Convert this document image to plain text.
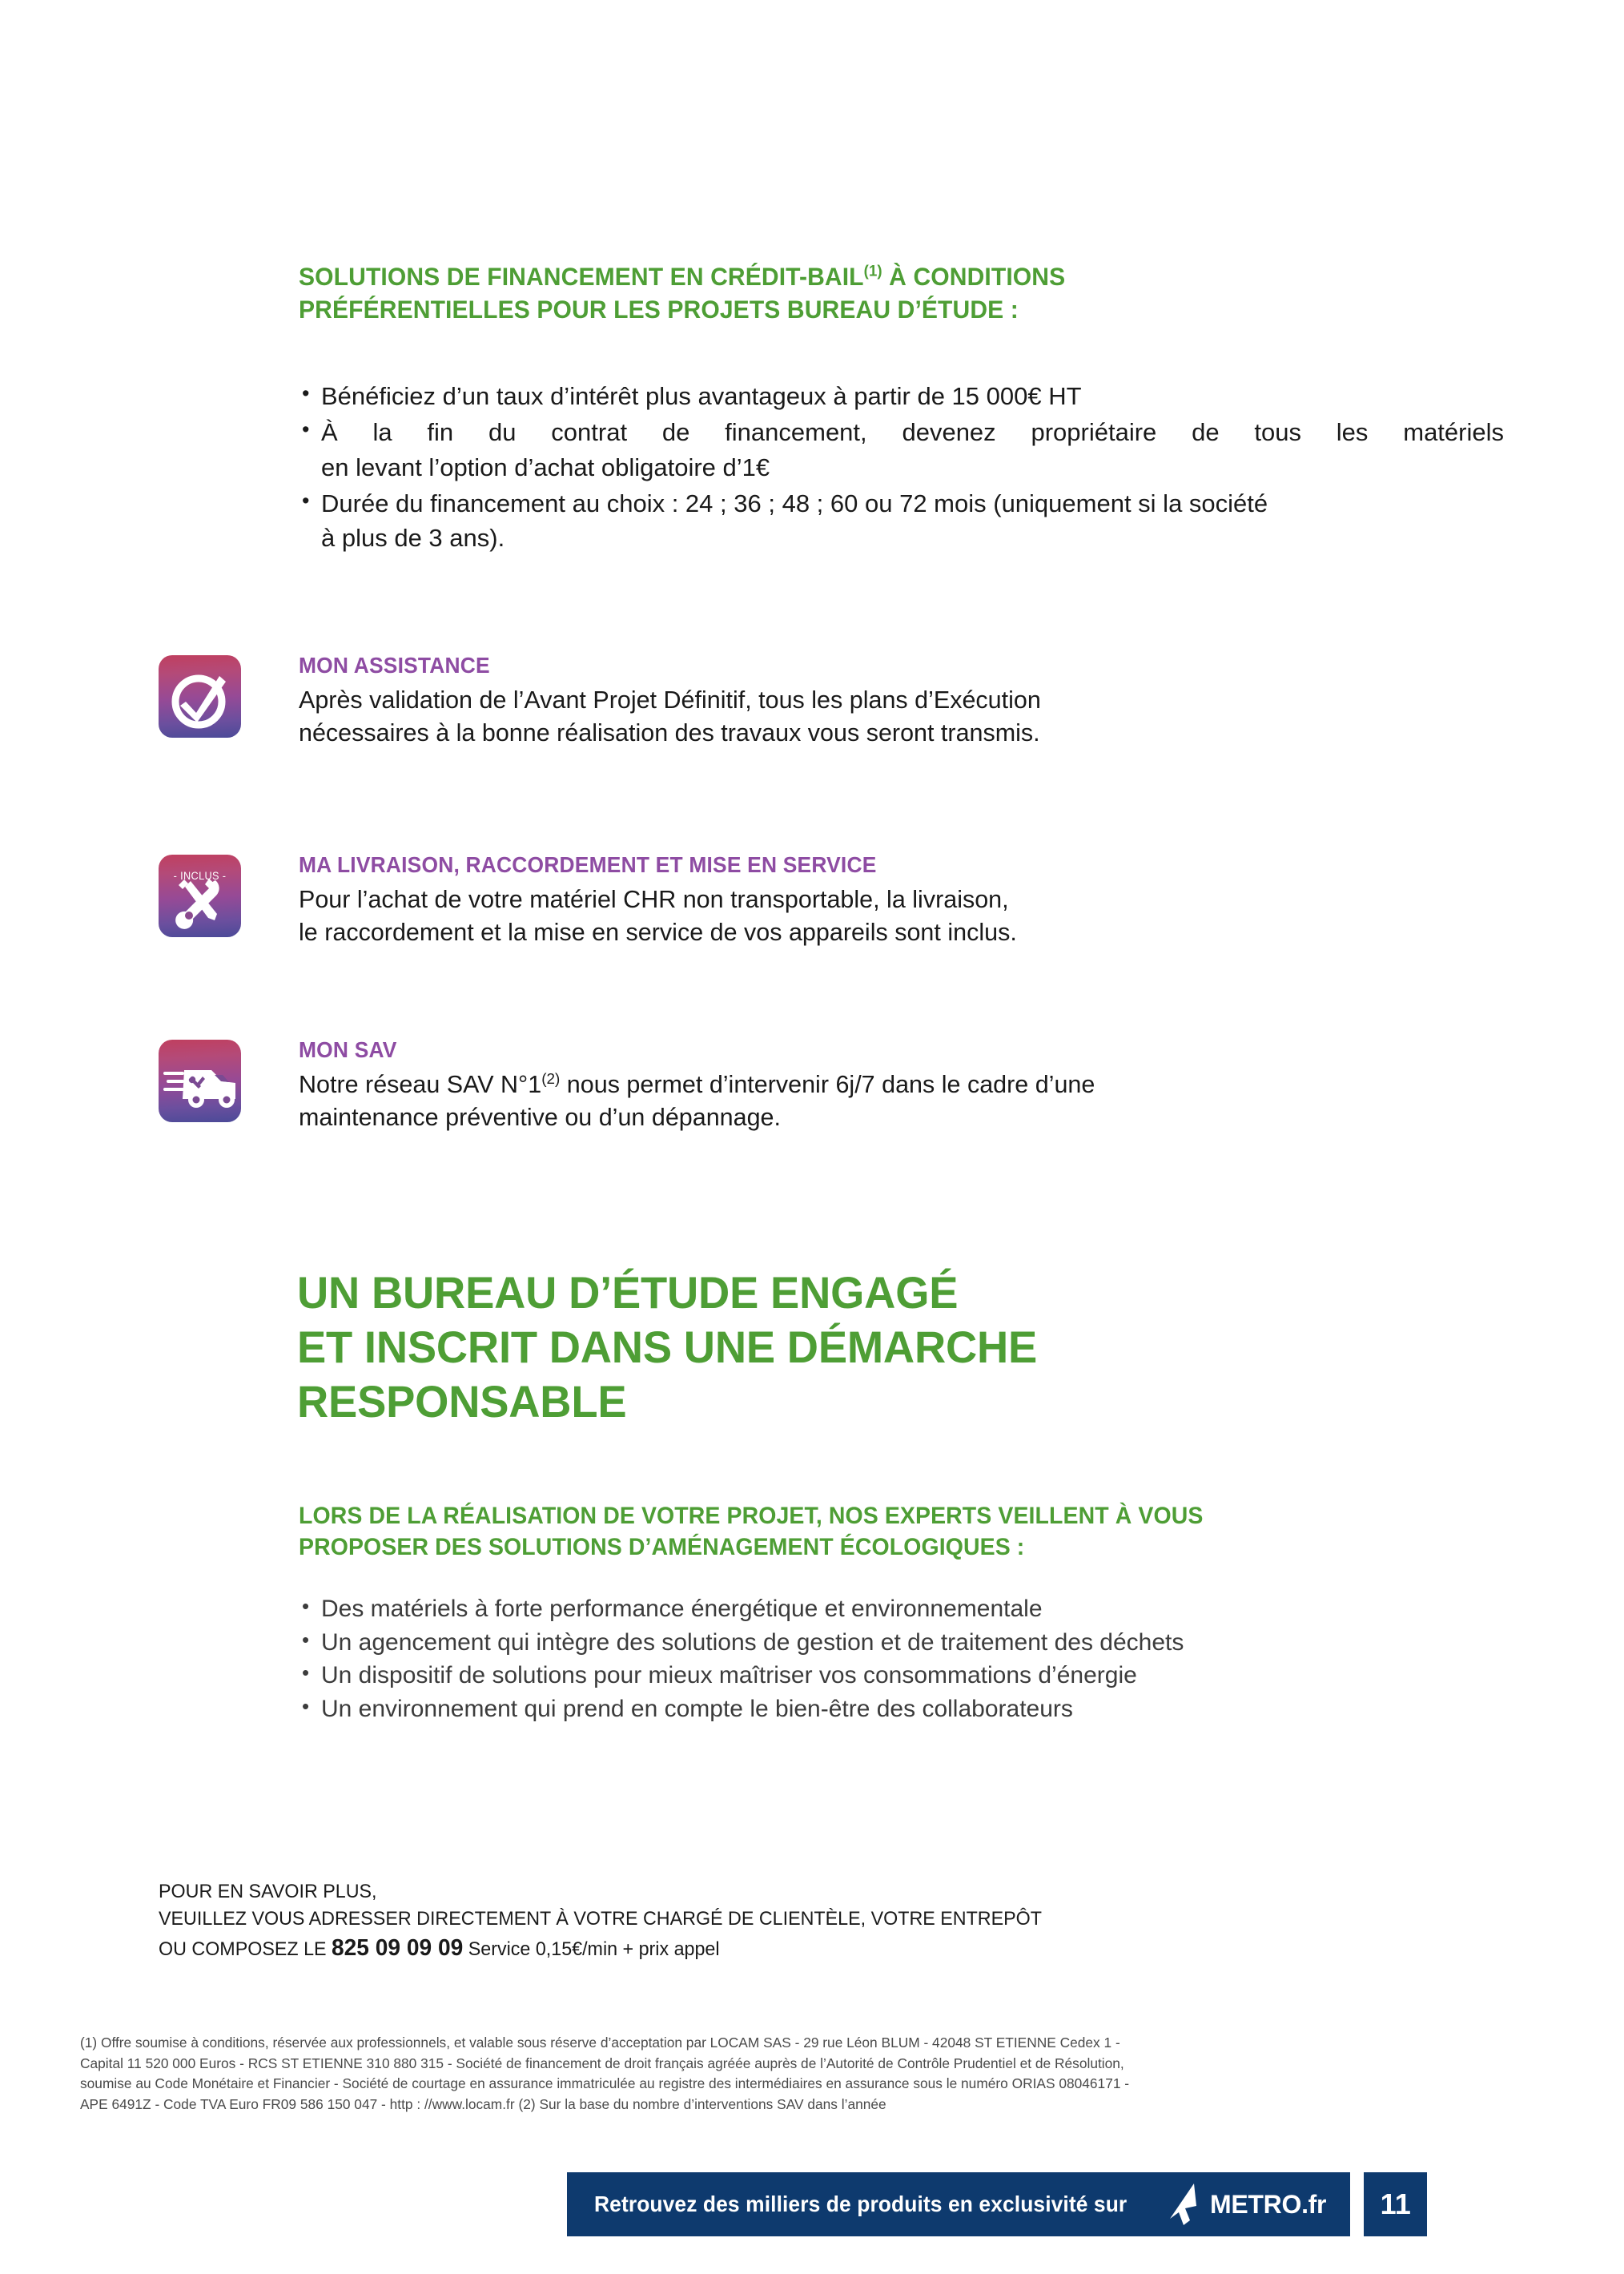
SOLUTIONS DE FINANCEMENT EN CRÉDIT-BAIL$^{(1)}$ À CONDITIONS
PRÉFÉRENTIELLES POUR LES PROJETS BUREAU D’ÉTUDE :
• Bénéficiez d’un taux d’intérêt plus avantageux à partir de 15 000€ HT
• À la fin du contrat de financement, devenez propriétaire de tous les matériels
en levant l’option d’achat obligatoire d’1€
• Durée du financement au choix : 24 ; 36 ; 48 ; 60 ou 72 mois (uniquement si la société
à plus de 3 ans).
MON ASSISTANCE
Après validation de l’Avant Projet Définitif, tous les plans d’Exécution
nécessaires à la bonne réalisation des travaux vous seront transmis.
- INCLUS -	MA LIVRAISON, RACCORDEMENT ET MISE EN SERVICE
Pour l’achat de votre matériel CHR non transportable, la livraison,
le raccordement et la mise en service de vos appareils sont inclus.
MON SAV
Notre réseau SAV N°1$^{(2)}$ nous permet d’intervenir 6j/7 dans le cadre d’une
maintenance préventive ou d’un dépannage.
UN BUREAU D’ÉTUDE ENGAGÉ
ET INSCRIT DANS UNE DÉMARCHE
RESPONSABLE
LORS DE LA RÉALISATION DE VOTRE PROJET, NOS EXPERTS VEILLENT À VOUS
PROPOSER DES SOLUTIONS D’AMÉNAGEMENT ÉCOLOGIQUES :
• Des matériels à forte performance énergétique et environnementale
• Un agencement qui intègre des solutions de gestion et de traitement des déchets
• Un dispositif de solutions pour mieux maîtriser vos consommations d’énergie
• Un environnement qui prend en compte le bien-être des collaborateurs
POUR EN SAVOIR PLUS,
VEUILLEZ VOUS ADRESSER DIRECTEMENT À VOTRE CHARGÉ DE CLIENTÈLE, VOTRE ENTREPÔT
OU COMPOSEZ LE 825 09 09 09 Service 0,15€/min + prix appel
(1) Offre soumise à conditions, réservée aux professionnels, et valable sous réserve d’acceptation par LOCAM SAS - 29 rue Léon BLUM - 42048 ST ETIENNE Cedex 1 -
Capital 11 520 000 Euros - RCS ST ETIENNE 310 880 315 - Société de financement de droit français agréée auprès de l’Autorité de Contrôle Prudentiel et de Résolution,
soumise au Code Monétaire et Financier - Société de courtage en assurance immatriculée au registre des intermédiaires en assurance sous le numéro ORIAS 08046171 -
APE 6491Z - Code TVA Euro FR09 586 150 047 - http : //www.locam.fr (2) Sur la base du nombre d’interventions SAV dans l’année
Retrouvez des milliers de produits en exclusivité sur	METRO.fr	11
